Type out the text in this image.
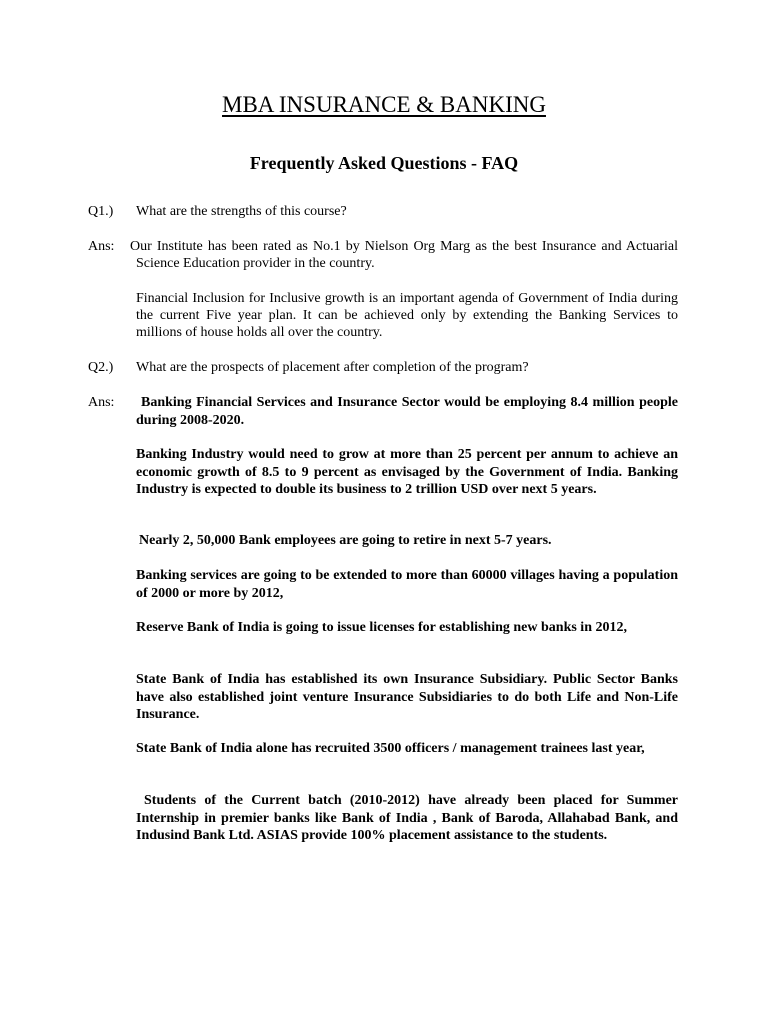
MBA INSURANCE & BANKING
Frequently Asked Questions - FAQ
Q1.) What are the strengths of this course?
Ans: Our Institute has been rated as No.1 by Nielson Org Marg as the best Insurance and Actuarial Science Education provider in the country.
Financial Inclusion for Inclusive growth is an important agenda of Government of India during the current Five year plan. It can be achieved only by extending the Banking Services to millions of house holds all over the country.
Q2.) What are the prospects of placement after completion of the program?
Ans:	Banking Financial Services and Insurance Sector would be employing 8.4 million people during 2008-2020.
Banking Industry would need to grow at more than 25 percent per annum to achieve an economic growth of 8.5 to 9 percent as envisaged by the Government of India. Banking Industry is expected to double its business to 2 trillion USD over next 5 years.
Nearly 2, 50,000 Bank employees are going to retire in next 5-7 years.
Banking services are going to be extended to more than 60000 villages having a population of 2000 or more by 2012,
Reserve Bank of India is going to issue licenses for establishing new banks in 2012,
State Bank of India has established its own Insurance Subsidiary. Public Sector Banks have also established joint venture Insurance Subsidiaries to do both Life and Non-Life Insurance.
State Bank of India alone has recruited 3500 officers / management trainees last year,
Students of the Current batch (2010-2012) have already been placed for Summer Internship in premier banks like Bank of India , Bank of Baroda, Allahabad Bank, and Indusind Bank Ltd. ASIAS provide 100% placement assistance to the students.
